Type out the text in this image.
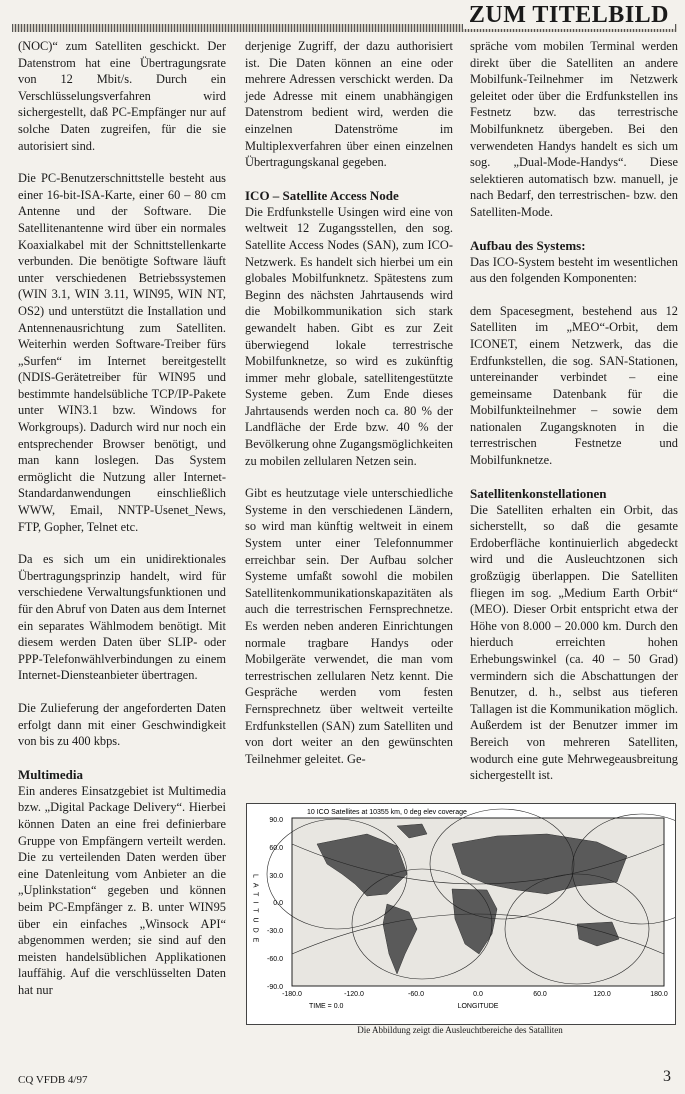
ZUM TITELBILD

(NOC)“ zum Satelliten geschickt. Der Datenstrom hat eine Übertragungsrate von 12 Mbit/s. Durch ein Verschlüsselungsverfahren wird sichergestellt, daß PC-Empfänger nur auf solche Daten zugreifen, für die sie autorisiert sind.

Die PC-Benutzerschnittstelle besteht aus einer 16-bit-ISA-Karte, einer 60 – 80 cm Antenne und der Software. Die Satellitenantenne wird über ein normales Koaxialkabel mit der Schnittstellenkarte verbunden. Die benötigte Software läuft unter verschiedenen Betriebssystemen (WIN 3.1, WIN 3.11, WIN95, WIN NT, OS2) und unterstützt die Installation und Antennenausrichtung zum Satelliten. Weiterhin werden Software-Treiber fürs „Surfen“ im Internet bereitgestellt (NDIS-Gerätetreiber für WIN95 und bestimmte handelsübliche TCP/IP-Pakete unter WIN3.1 bzw. Windows for Workgroups). Dadurch wird nur noch ein entsprechender Browser benötigt, und man kann loslegen. Das System ermöglicht die Nutzung aller Internet-Standardanwendungen einschließlich WWW, Email, NNTP-Usenet_News, FTP, Gopher, Telnet etc.

Da es sich um ein unidirektionales Übertragungsprinzip handelt, wird für verschiedene Verwaltungsfunktionen und für den Abruf von Daten aus dem Internet ein separates Wählmodem benötigt. Mit diesem werden Daten über SLIP- oder PPP-Telefonwählverbindungen zu einem Internet-Diensteanbieter übertragen.

Die Zulieferung der angeforderten Daten erfolgt dann mit einer Geschwindigkeit von bis zu 400 kbps.

Multimedia

Ein anderes Einsatzgebiet ist Multimedia bzw. „Digital Package Delivery“. Hierbei können Daten an eine frei definierbare Gruppe von Empfängern verteilt werden. Die zu verteilenden Daten werden über eine Datenleitung vom Anbieter an die „Uplinkstation“ gegeben und können beim PC-Empfänger z. B. unter WIN95 über ein einfaches „Winsock API“ abgenommen werden; sie sind auf den meisten handelsüblichen Applikationen lauffähig. Auf die verschlüsselten Daten hat nur

derjenige Zugriff, der dazu authorisiert ist. Die Daten können an eine oder mehrere Adressen verschickt werden. Da jede Adresse mit einem unabhängigen Datenstrom bedient wird, werden die einzelnen Datenströme im Multiplexverfahren über einen einzelnen Übertragungskanal gegeben.

ICO – Satellite Access Node

Die Erdfunkstelle Usingen wird eine von weltweit 12 Zugangsstellen, den sog. Satellite Access Nodes (SAN), zum ICO-Netzwerk. Es handelt sich hierbei um ein globales Mobilfunknetz. Spätestens zum Beginn des nächsten Jahrtausends wird die Mobilkommunikation sich stark gewandelt haben. Gibt es zur Zeit überwiegend lokale terrestrische Mobilfunknetze, so wird es zukünftig immer mehr globale, satellitengestützte Systeme geben. Zum Ende dieses Jahrtausends werden noch ca. 80 % der Landfläche der Erde bzw. 40 % der Bevölkerung ohne Zugangsmöglichkeiten zu mobilen zellularen Netzen sein.

Gibt es heutzutage viele unterschiedliche Systeme in den verschiedenen Ländern, so wird man künftig weltweit in einem System unter einer Telefonnummer erreichbar sein. Der Aufbau solcher Systeme umfaßt sowohl die mobilen Satellitenkommunikationskapazitäten als auch die terrestrischen Fernsprechnetze. Es werden neben anderen Einrichtungen normale tragbare Handys oder Mobilgeräte verwendet, die man vom terrestrischen zellularen Netz kennt. Die Gespräche werden vom festen Fernsprechnetz über weltweit verteilte Erdfunkstellen (SAN) zum Satelliten und von dort weiter an den gewünschten Teilnehmer geleitet. Ge-

spräche vom mobilen Terminal werden direkt über die Satelliten an andere Mobilfunk-Teilnehmer im Netzwerk geleitet oder über die Erdfunkstellen ins Festnetz bzw. das terrestrische Mobilfunknetz übergeben. Bei den verwendeten Handys handelt es sich um sog. „Dual-Mode-Handys“. Diese selektieren automatisch bzw. manuell, je nach Bedarf, den terrestrischen- bzw. den Satelliten-Mode.

Aufbau des Systems:

Das ICO-System besteht im wesentlichen aus den folgenden Komponenten:

dem Spacesegment, bestehend aus 12 Satelliten im „MEO“-Orbit, dem ICONET, einem Netzwerk, das die Erdfunkstellen, die sog. SAN-Stationen, untereinander verbindet – eine gemeinsame Datenbank für die Mobilfunkteilnehmer – sowie dem nationalen Zugangsknoten in die terrestrischen Festnetze und Mobilfunknetze.

Satellitenkonstellationen

Die Satelliten erhalten ein Orbit, das sicherstellt, so daß die gesamte Erdoberfläche kontinuierlich abgedeckt wird und die Ausleuchtzonen sich großzügig überlappen. Die Satelliten fliegen im sog. „Medium Earth Orbit“ (MEO). Dieser Orbit entspricht etwa der Höhe von 8.000 – 20.000 km. Durch den hierduch erreichten hohen Erhebungswinkel (ca. 40 – 50 Grad) vermindern sich die Abschattungen der Benutzer, d. h., selbst aus tieferen Tallagen ist die Kommunikation möglich. Außerdem ist der Benutzer immer im Bereich von mehreren Satelliten, wodurch eine gute Mehrwegeausbreitung sichergestellt ist.

10 ICO Satellites at 10355 km, 0 deg elev coverage
90.0
60.0
30.0
0.0
-30.0
-60.0
-90.0
LATITUDE
-180.0	-120.0	-60.0	0.0	60.0	120.0	180.0
TIME = 0.0	LONGITUDE
Die Abbildung zeigt die Ausleuchtbereiche des Satalliten
CQ VFDB 4/97	3
